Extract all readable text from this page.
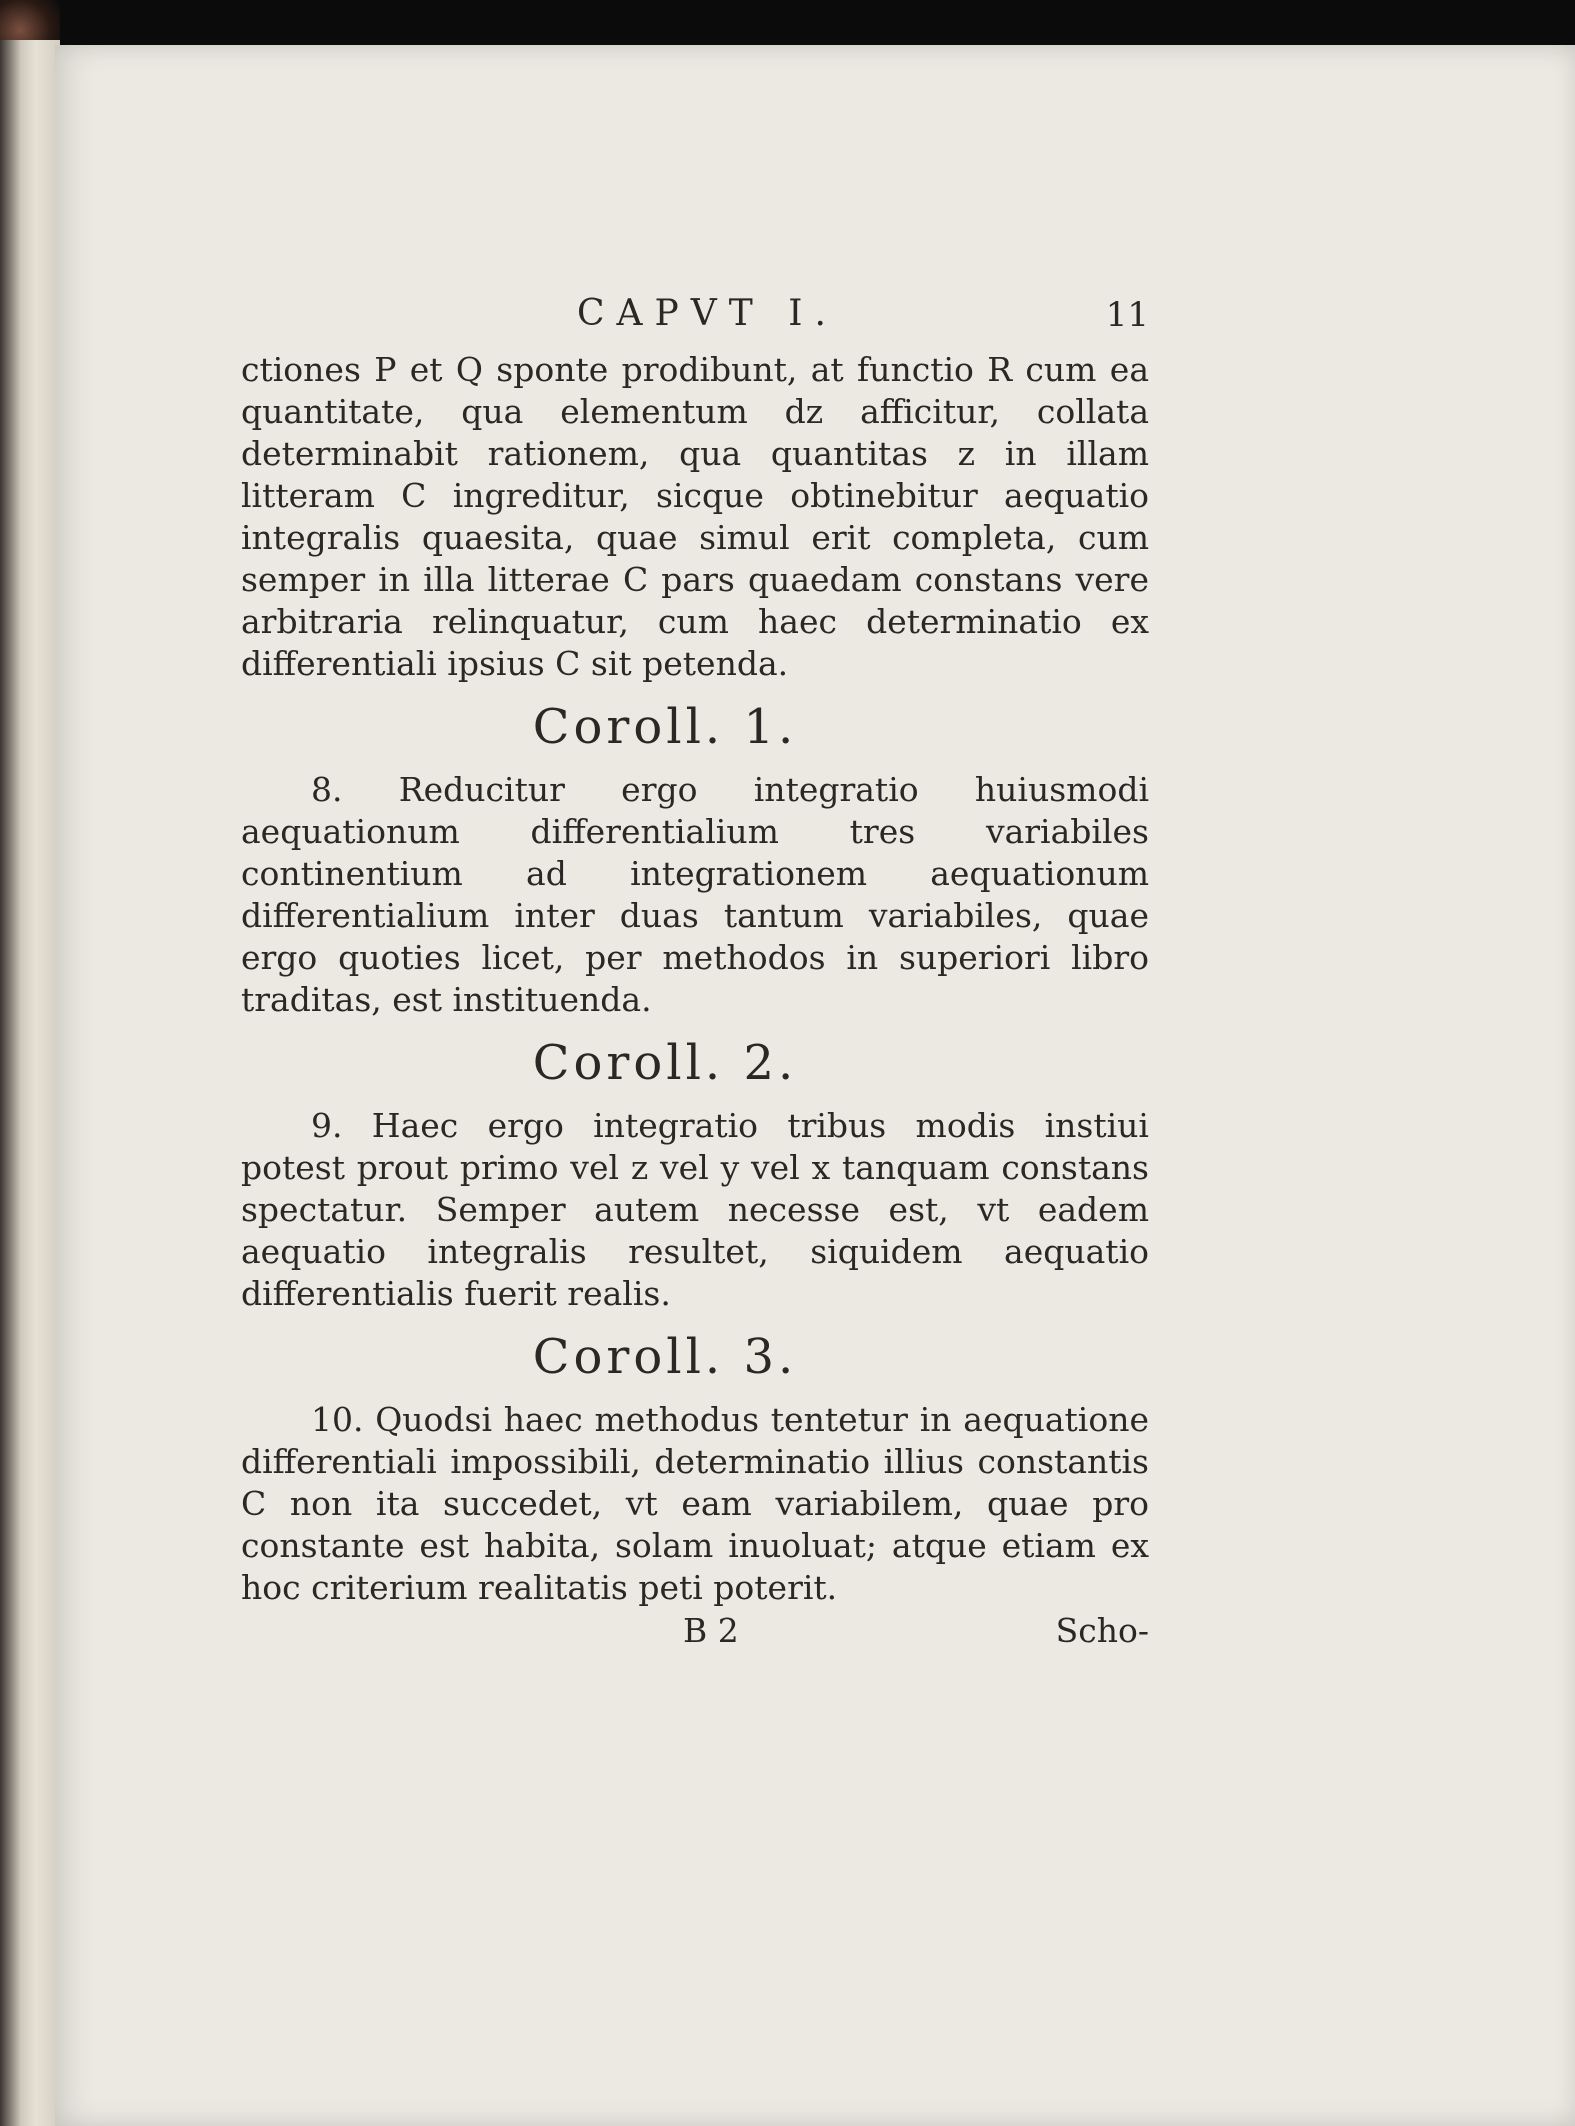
CAPVT I.	11

ctiones P et Q sponte prodibunt, at functio R cum ea quantitate, qua elementum dz afficitur, collata determinabit rationem, qua quantitas z in illam litteram C ingreditur, sicque obtinebitur aequatio integralis quaesita, quae simul erit completa, cum semper in illa litterae C pars quaedam constans vere arbitraria relinquatur, cum haec determinatio ex differentiali ipsius C sit petenda.

Coroll. 1.

8. Reducitur ergo integratio huiusmodi aequationum differentialium tres variabiles continentium ad integrationem aequationum differentialium inter duas tantum variabiles, quae ergo quoties licet, per methodos in superiori libro traditas, est instituenda.

Coroll. 2.

9. Haec ergo integratio tribus modis instiui potest prout primo vel z vel y vel x tanquam constans spectatur. Semper autem necesse est, vt eadem aequatio integralis resultet, siquidem aequatio differentialis fuerit realis.

Coroll. 3.

10. Quodsi haec methodus tentetur in aequatione differentiali impossibili, determinatio illius constantis C non ita succedet, vt eam variabilem, quae pro constante est habita, solam inuoluat; atque etiam ex hoc criterium realitatis peti poterit.

B 2	Scho-
